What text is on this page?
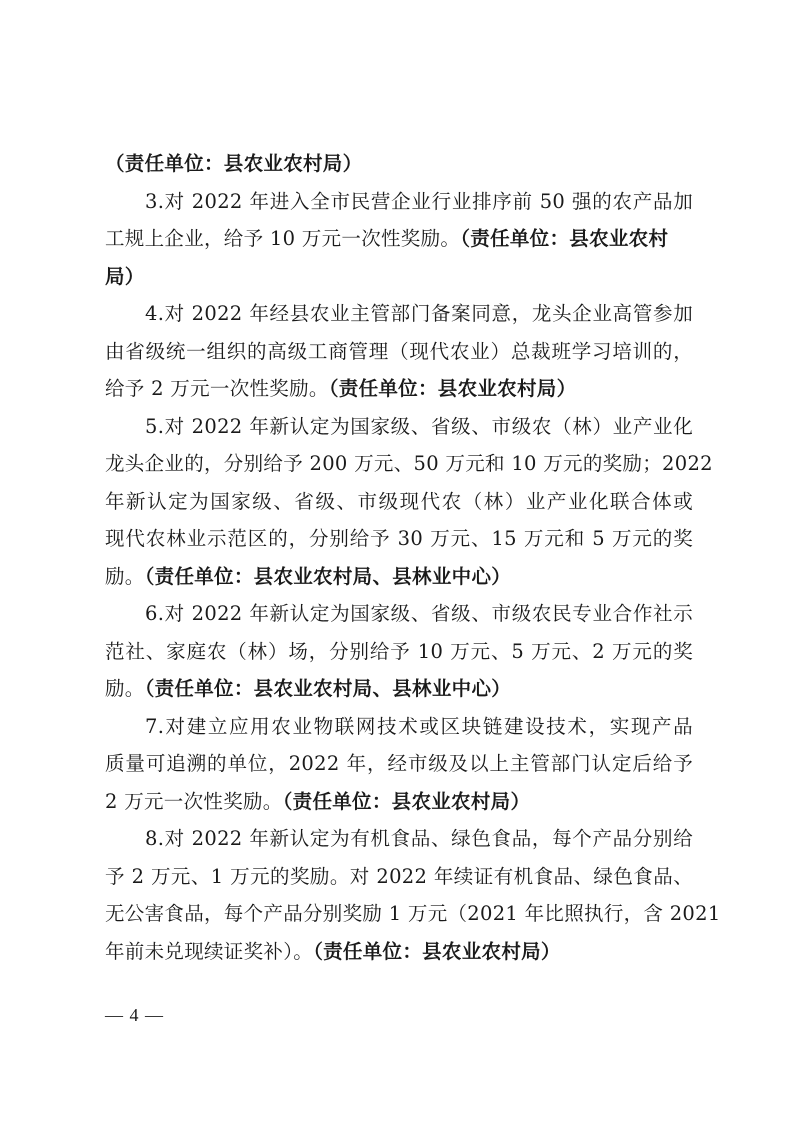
（责任单位：县农业农村局）
3.对 2022 年进入全市民营企业行业排序前 50 强的农产品加
工规上企业，给予 10 万元一次性奖励。（责任单位：县农业农村
局）
4.对 2022 年经县农业主管部门备案同意，龙头企业高管参加
由省级统一组织的高级工商管理（现代农业）总裁班学习培训的，
给予 2 万元一次性奖励。（责任单位：县农业农村局）
5.对 2022 年新认定为国家级、省级、市级农（林）业产业化
龙头企业的，分别给予 200 万元、50 万元和 10 万元的奖励；2022
年新认定为国家级、省级、市级现代农（林）业产业化联合体或
现代农林业示范区的，分别给予 30 万元、15 万元和 5 万元的奖
励。（责任单位：县农业农村局、县林业中心）
6.对 2022 年新认定为国家级、省级、市级农民专业合作社示
范社、家庭农（林）场，分别给予 10 万元、5 万元、2 万元的奖
励。（责任单位：县农业农村局、县林业中心）
7.对建立应用农业物联网技术或区块链建设技术，实现产品
质量可追溯的单位，2022 年，经市级及以上主管部门认定后给予
2 万元一次性奖励。（责任单位：县农业农村局）
8.对 2022 年新认定为有机食品、绿色食品，每个产品分别给
予 2 万元、1 万元的奖励。对 2022 年续证有机食品、绿色食品、
无公害食品，每个产品分别奖励 1 万元（2021 年比照执行，含 2021
年前未兑现续证奖补）。（责任单位：县农业农村局）
— 4 —
